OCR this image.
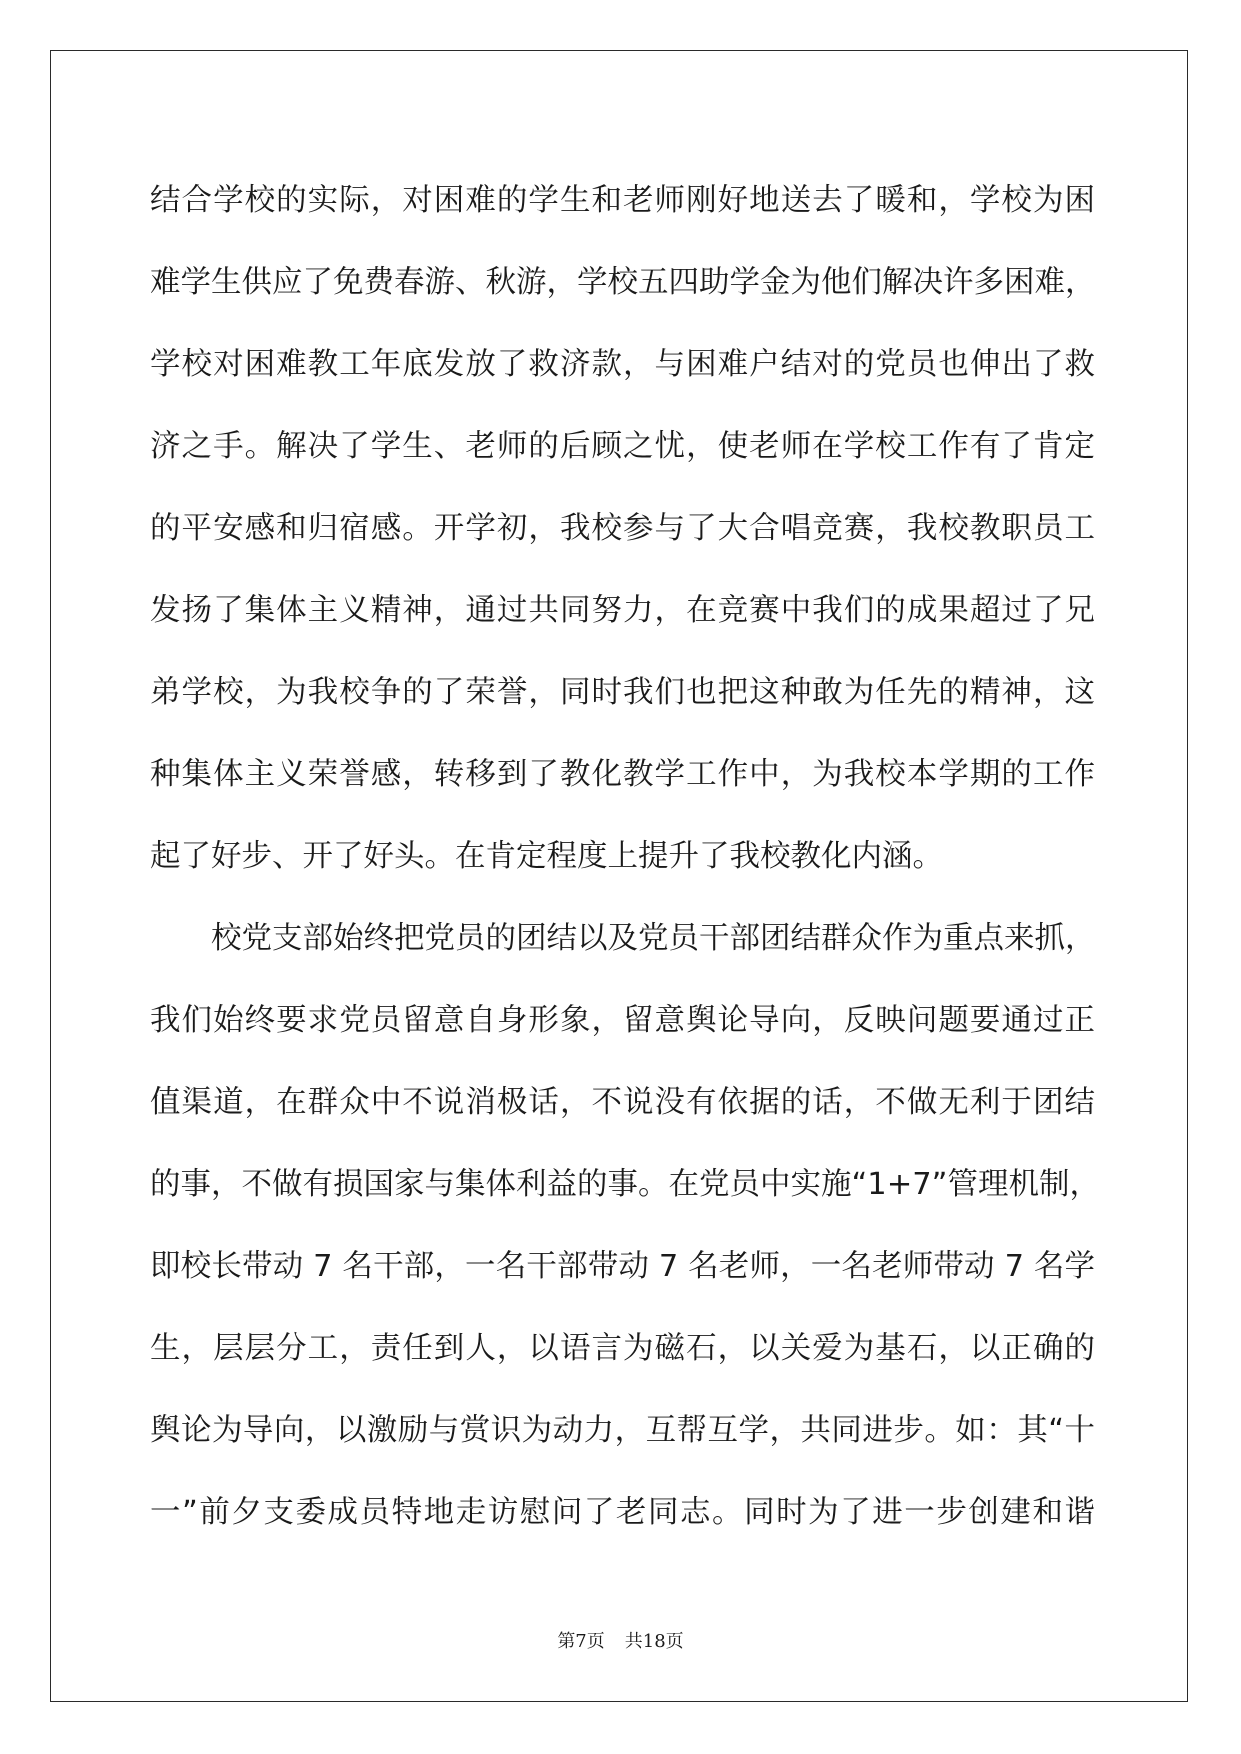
结合学校的实际，对困难的学生和老师刚好地送去了暖和，学校为困
难学生供应了免费春游、秋游，学校五四助学金为他们解决许多困难，
学校对困难教工年底发放了救济款，与困难户结对的党员也伸出了救
济之手。解决了学生、老师的后顾之忧，使老师在学校工作有了肯定
的平安感和归宿感。开学初，我校参与了大合唱竞赛，我校教职员工
发扬了集体主义精神，通过共同努力，在竞赛中我们的成果超过了兄
弟学校，为我校争的了荣誉，同时我们也把这种敢为任先的精神，这
种集体主义荣誉感，转移到了教化教学工作中，为我校本学期的工作
起了好步、开了好头。在肯定程度上提升了我校教化内涵。
校党支部始终把党员的团结以及党员干部团结群众作为重点来抓，
我们始终要求党员留意自身形象，留意舆论导向，反映问题要通过正
值渠道，在群众中不说消极话，不说没有依据的话，不做无利于团结
的事，不做有损国家与集体利益的事。在党员中实施“1+7”管理机制，
即校长带动 7 名干部，一名干部带动 7 名老师，一名老师带动 7 名学
生，层层分工，责任到人，以语言为磁石，以关爱为基石，以正确的
舆论为导向，以激励与赏识为动力，互帮互学，共同进步。如：其“十
一”前夕支委成员特地走访慰问了老同志。同时为了进一步创建和谐
第7页 共18页
